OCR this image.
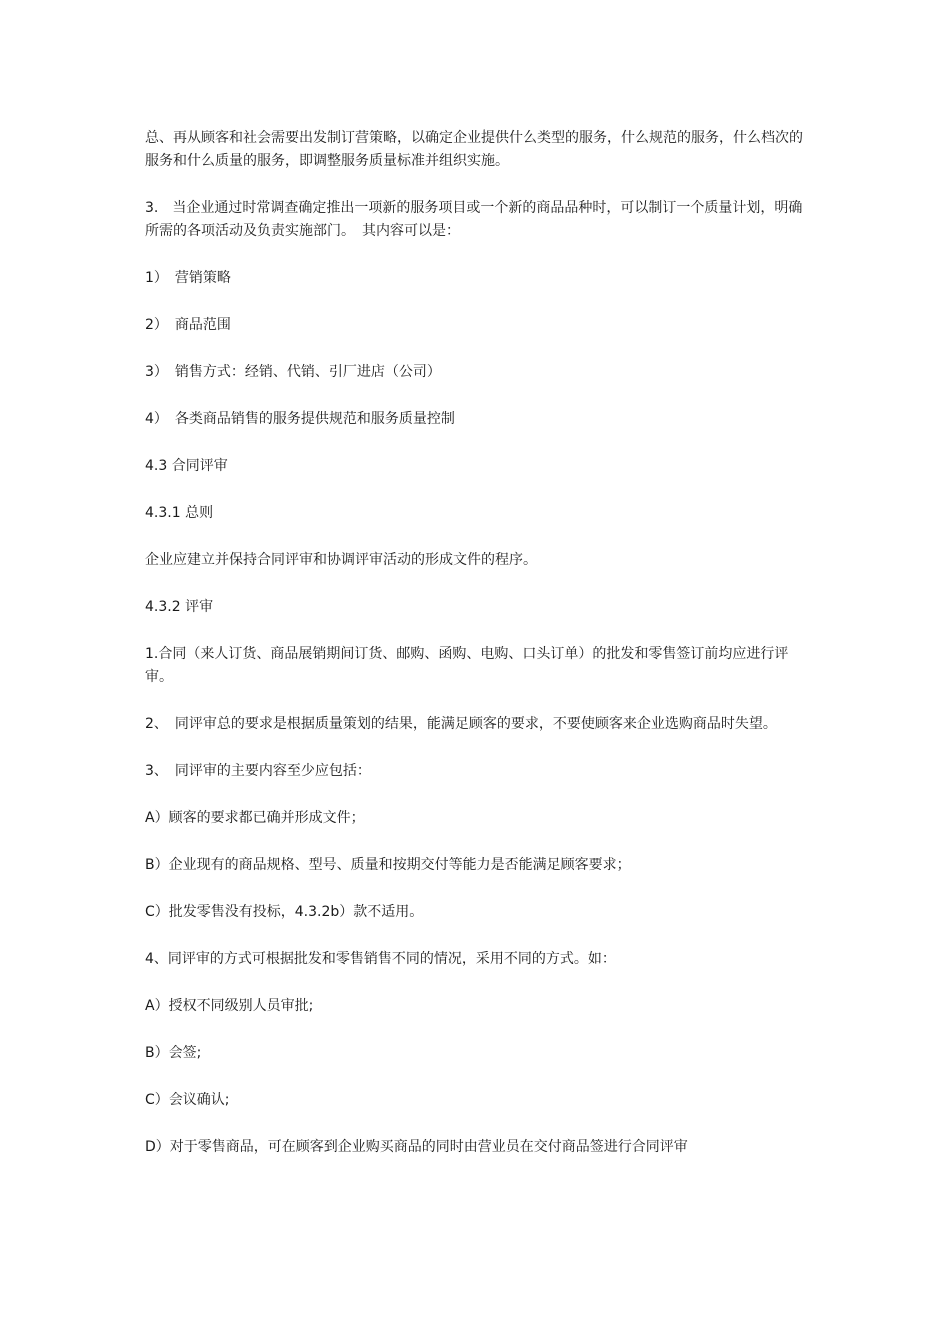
总、再从顾客和社会需要出发制订营策略，以确定企业提供什么类型的服务，什么规范的服务，什么档次的服务和什么质量的服务，即调整服务质量标准并组织实施。

3.　当企业通过时常调查确定推出一项新的服务项目或一个新的商品品种时，可以制订一个质量计划，明确所需的各项活动及负责实施部门。　其内容可以是：

1）　营销策略

2）　商品范围

3）　销售方式：经销、代销、引厂进店（公司）

4）　各类商品销售的服务提供规范和服务质量控制

4.3 合同评审

4.3.1 总则

企业应建立并保持合同评审和协调评审活动的形成文件的程序。

4.3.2 评审

1.合同（来人订货、商品展销期间订货、邮购、函购、电购、口头订单）的批发和零售签订前均应进行评审。

2、　同评审总的要求是根据质量策划的结果，能满足顾客的要求，不要使顾客来企业选购商品时失望。

3、　同评审的主要内容至少应包括：

A）顾客的要求都已确并形成文件；

B）企业现有的商品规格、型号、质量和按期交付等能力是否能满足顾客要求；

C）批发零售没有投标，4.3.2b）款不适用。

4、同评审的方式可根据批发和零售销售不同的情况，采用不同的方式。如：

A）授权不同级别人员审批;

B）会签;

C）会议确认;

D）对于零售商品，可在顾客到企业购买商品的同时由营业员在交付商品签进行合同评审
